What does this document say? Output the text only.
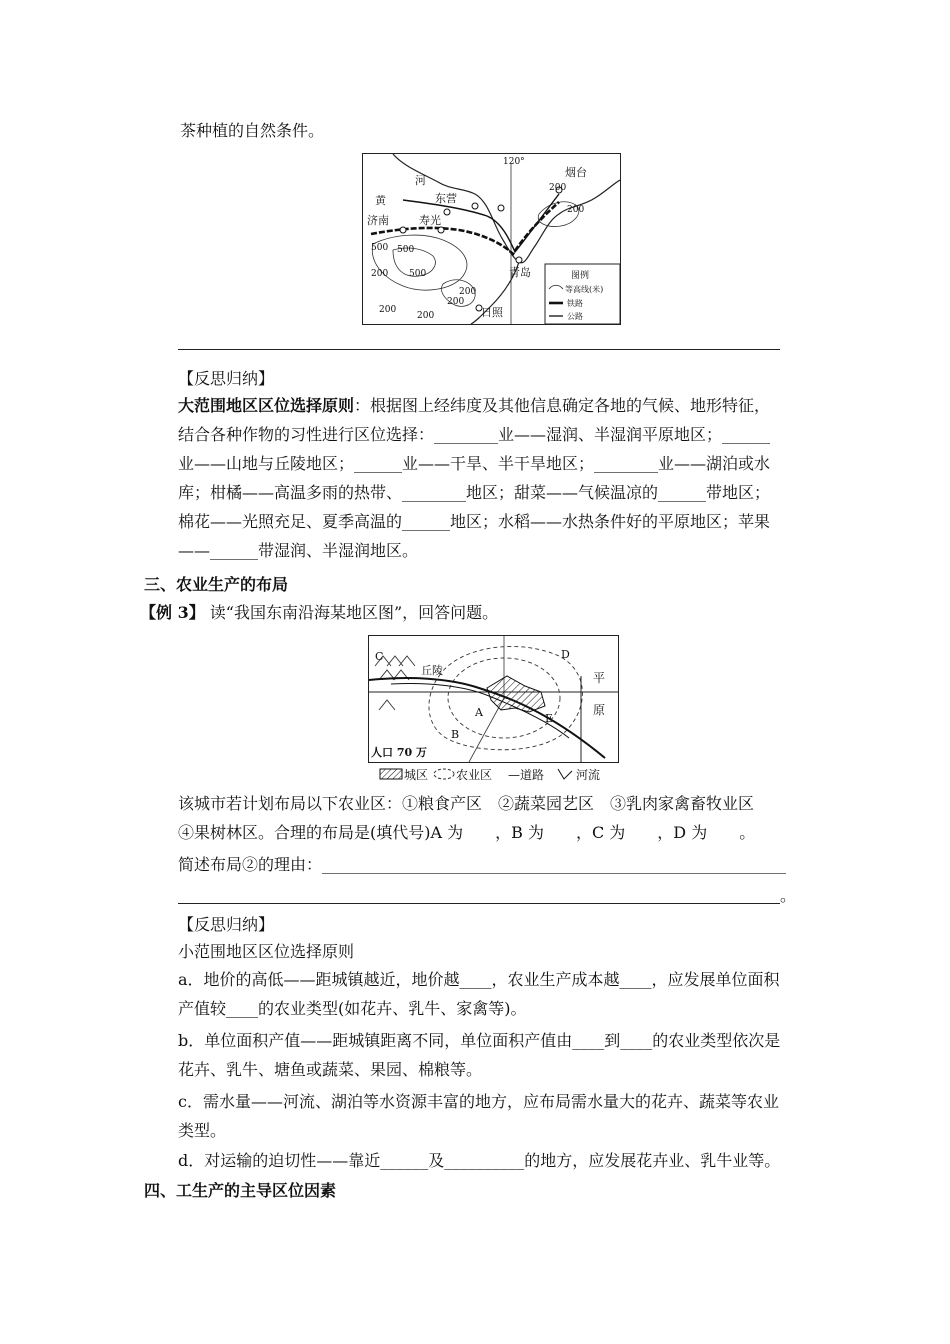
茶种植的自然条件。
120°
河
黄	东营
烟台
济南	寿光
青岛
日照
200
200
500 500
200 500
200
200
200
200
图例
等高线(米)
铁路
公路
【反思归纳】
大范围地区区位选择原则：根据图上经纬度及其他信息确定各地的气候、地形特征，
结合各种作物的习性进行区位选择：________业——湿润、半湿润平原地区；______
业——山地与丘陵地区；______业——干旱、半干旱地区；________业——湖泊或水
库；柑橘——高温多雨的热带、________地区；甜菜——气候温凉的______带地区；
棉花——光照充足、夏季高温的______地区；水稻——水热条件好的平原地区；苹果
——______带湿润、半湿润地区。
三、农业生产的布局
【例 3】 读“我国东南沿海某地区图”，回答问题。
C
丘陵
D
平
原
A	E
B
人口 70 万
城区 农业区 —道路	河流
该城市若计划布局以下农业区：①粮食产区　②蔬菜园艺区　③乳肉家禽畜牧业区
④果树林区。合理的布局是(填代号)A 为　　，B 为　　，C 为　　，D 为　　。
简述布局②的理由：__________________________________________________________
。
【反思归纳】
小范围地区区位选择原则
a．地价的高低——距城镇越近，地价越____，农业生产成本越____，应发展单位面积
产值较____的农业类型(如花卉、乳牛、家禽等)。
b．单位面积产值——距城镇距离不同，单位面积产值由____到____的农业类型依次是
花卉、乳牛、塘鱼或蔬菜、果园、棉粮等。
c．需水量——河流、湖泊等水资源丰富的地方，应布局需水量大的花卉、蔬菜等农业
类型。
d．对运输的迫切性——靠近______及__________的地方，应发展花卉业、乳牛业等。
四、工生产的主导区位因素
